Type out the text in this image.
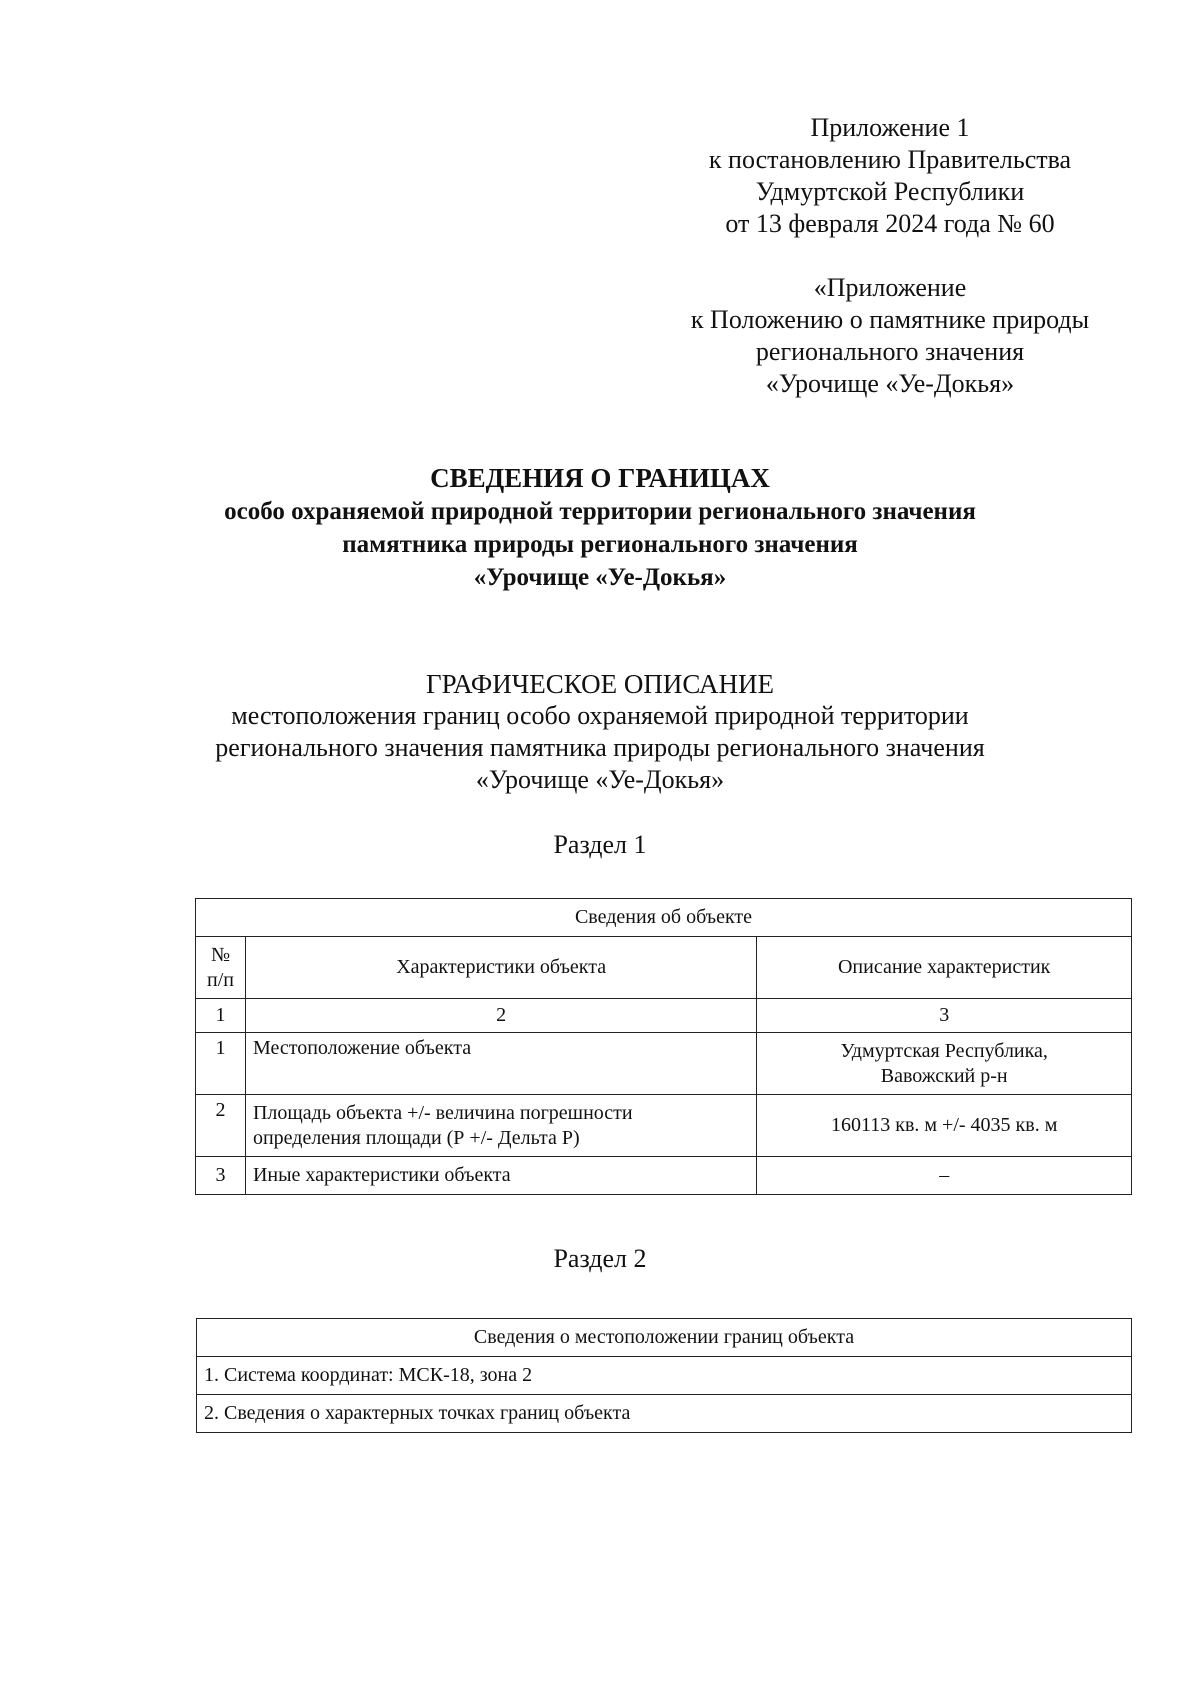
Приложение 1
к постановлению Правительства
Удмуртской Республики
от 13 февраля 2024 года № 60
«Приложение
к Положению о памятнике природы
регионального значения
«Урочище «Уе-Докья»
СВЕДЕНИЯ О ГРАНИЦАХ
особо охраняемой природной территории регионального значения
памятника природы регионального значения
«Урочище «Уе-Докья»
ГРАФИЧЕСКОЕ ОПИСАНИЕ
местоположения границ особо охраняемой природной территории
регионального значения памятника природы регионального значения
«Урочище «Уе-Докья»
Раздел 1
Сведения об объекте		

№
п/п	Характеристики объекта	Описание характеристик
1	2	3
1	Местоположение объекта	Удмуртская Республика,
Вавожский р-н

2	Площадь объекта +/- величина погрешности
определения площади (Р +/- Дельта Р)	160113 кв. м +/- 4035 кв. м
3	Иные характеристики объекта	–
Раздел 2
Сведения о местоположении границ объекта
1. Система координат: МСК-18, зона 2
2. Сведения о характерных точках границ объекта
